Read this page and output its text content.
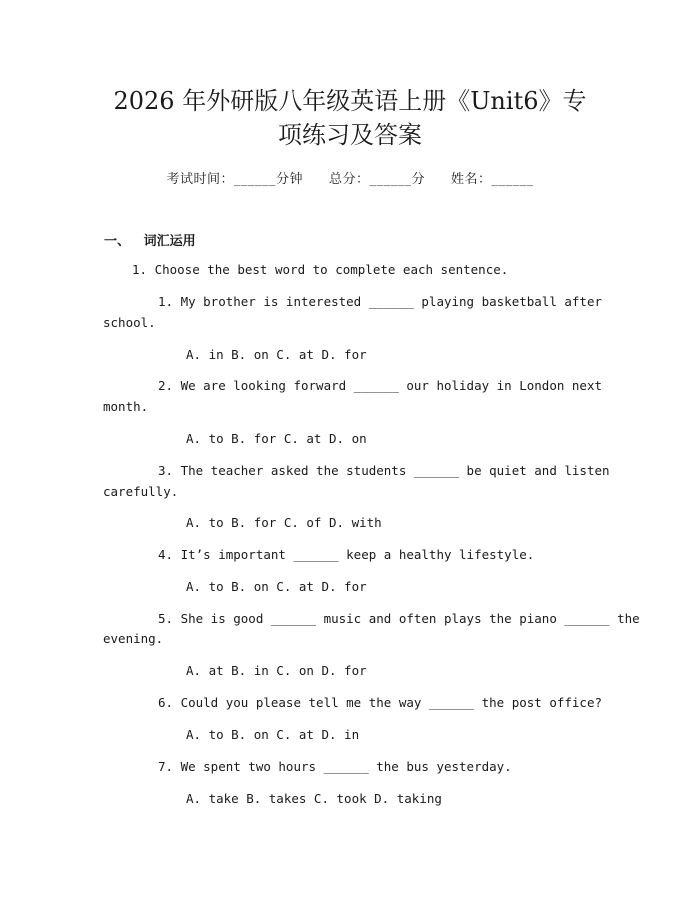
2026 年外研版八年级英语上册《Unit6》专
项练习及答案
考试时间：______分钟 总分：______分 姓名：______
一、 词汇运用
1. Choose the best word to complete each sentence.
1. My brother is interested ______ playing basketball after
school.
A. in B. on C. at D. for
2. We are looking forward ______ our holiday in London next
month.
A. to B. for C. at D. on
3. The teacher asked the students ______ be quiet and listen
carefully.
A. to B. for C. of D. with
4. It’s important ______ keep a healthy lifestyle.
A. to B. on C. at D. for
5. She is good ______ music and often plays the piano ______ the
evening.
A. at B. in C. on D. for
6. Could you please tell me the way ______ the post office?
A. to B. on C. at D. in
7. We spent two hours ______ the bus yesterday.
A. take B. takes C. took D. taking
